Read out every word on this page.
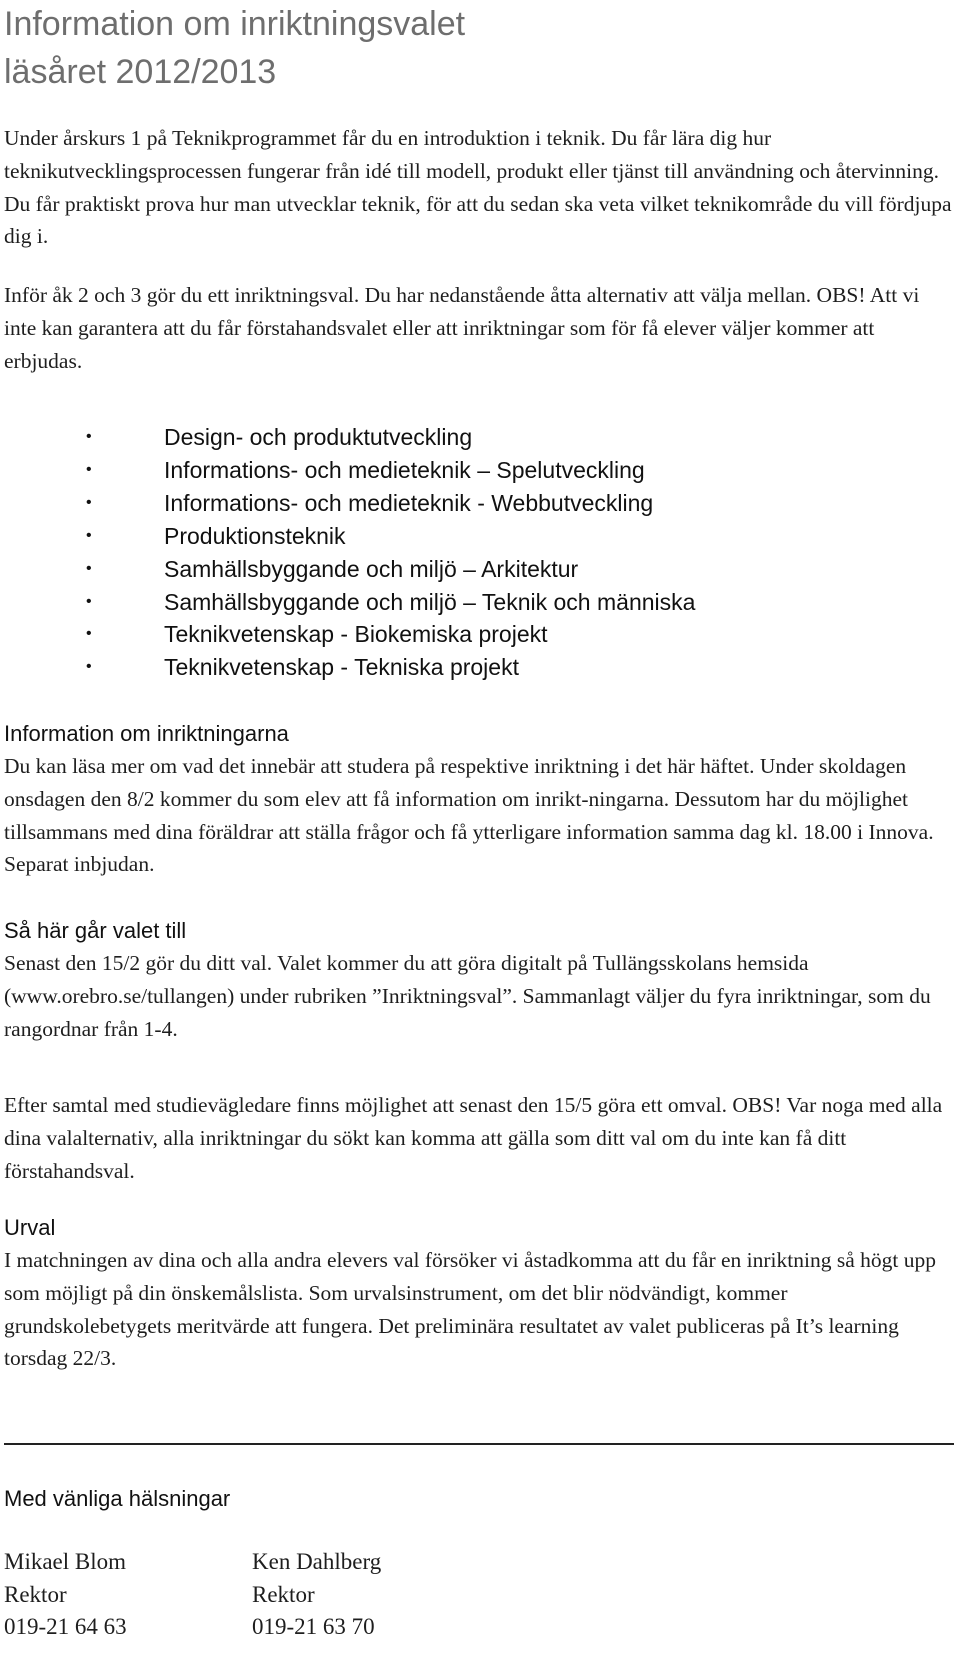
Information om inriktningsvalet
läsåret 2012/2013

Under årskurs 1 på Teknikprogrammet får du en introduktion i teknik. Du får lära dig hur teknikutvecklingsprocessen fungerar från idé till modell, produkt eller tjänst till användning och återvinning. Du får praktiskt prova hur man utvecklar teknik, för att du sedan ska veta vilket teknikområde du vill fördjupa dig i.

Inför åk 2 och 3 gör du ett inriktningsval. Du har nedanstående åtta alternativ att välja mellan. OBS! Att vi inte kan garantera att du får förstahandsvalet eller att inriktningar som för få elever väljer kommer att erbjudas.

•	Design- och produktutveckling
•	Informations- och medieteknik – Spelutveckling
•	Informations- och medieteknik - Webbutveckling
•	Produktionsteknik
•	Samhällsbyggande och miljö – Arkitektur
•	Samhällsbyggande och miljö – Teknik och människa
•	Teknikvetenskap - Biokemiska projekt
•	Teknikvetenskap - Tekniska projekt
Information om inriktningarna

Du kan läsa mer om vad det innebär att studera på respektive inriktning i det här häftet. Under skoldagen onsdagen den 8/2 kommer du som elev att få information om inrikt-ningarna. Dessutom har du möjlighet tillsammans med dina föräldrar att ställa frågor och få ytterligare information samma dag kl. 18.00 i Innova. Separat inbjudan.

Så här går valet till

Senast den 15/2 gör du ditt val. Valet kommer du att göra digitalt på Tullängsskolans hemsida (www.orebro.se/tullangen) under rubriken ”Inriktningsval”. Sammanlagt väljer du fyra inriktningar, som du rangordnar från 1-4.

Efter samtal med studievägledare finns möjlighet att senast den 15/5 göra ett omval. OBS! Var noga med alla dina valalternativ, alla inriktningar du sökt kan komma att gälla som ditt val om du inte kan få ditt förstahandsval.

Urval

I matchningen av dina och alla andra elevers val försöker vi åstadkomma att du får en inriktning så högt upp som möjligt på din önskemålslista. Som urvalsinstrument, om det blir nödvändigt, kommer grundskolebetygets meritvärde att fungera. Det preliminära resultatet av valet publiceras på It’s learning torsdag 22/3.

Med vänliga hälsningar
Mikael Blom
Rektor
019-21 64 63
Ken Dahlberg
Rektor
019-21 63 70
